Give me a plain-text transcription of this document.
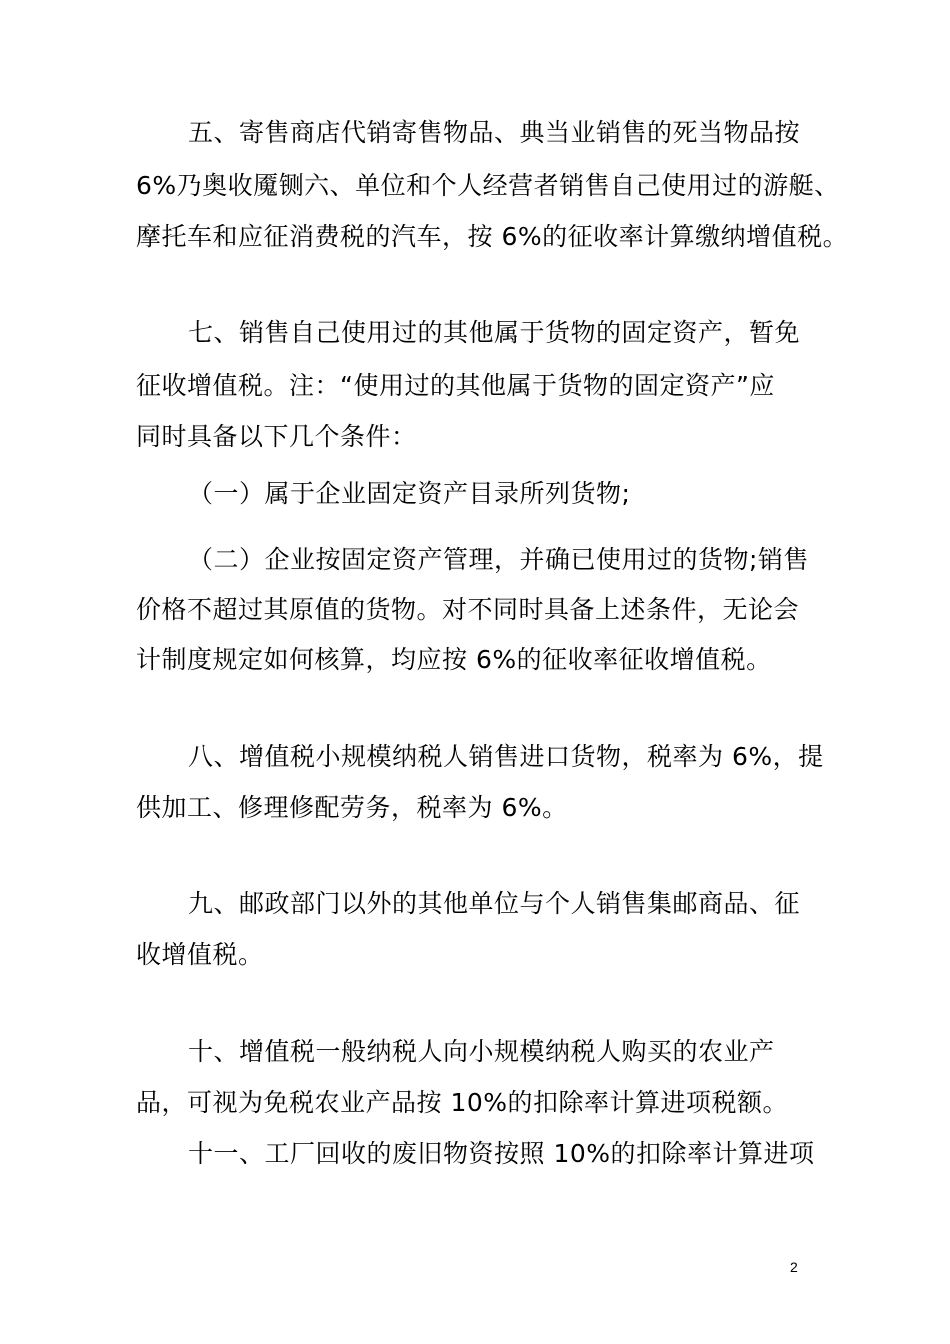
五、寄售商店代销寄售物品、典当业销售的死当物品按
6%乃奥收魇铡六、单位和个人经营者销售自己使用过的游艇、
摩托车和应征消费税的汽车，按 6%的征收率计算缴纳增值税。
七、销售自己使用过的其他属于货物的固定资产，暂免
征收增值税。注：“使用过的其他属于货物的固定资产”应
同时具备以下几个条件：
（一）属于企业固定资产目录所列货物;
（二）企业按固定资产管理，并确已使用过的货物;销售
价格不超过其原值的货物。对不同时具备上述条件，无论会
计制度规定如何核算，均应按 6%的征收率征收增值税。
八、增值税小规模纳税人销售进口货物，税率为 6%，提
供加工、修理修配劳务，税率为 6%。
九、邮政部门以外的其他单位与个人销售集邮商品、征
收增值税。
十、增值税一般纳税人向小规模纳税人购买的农业产
品，可视为免税农业产品按 10%的扣除率计算进项税额。
十一、工厂回收的废旧物资按照 10%的扣除率计算进项
2
